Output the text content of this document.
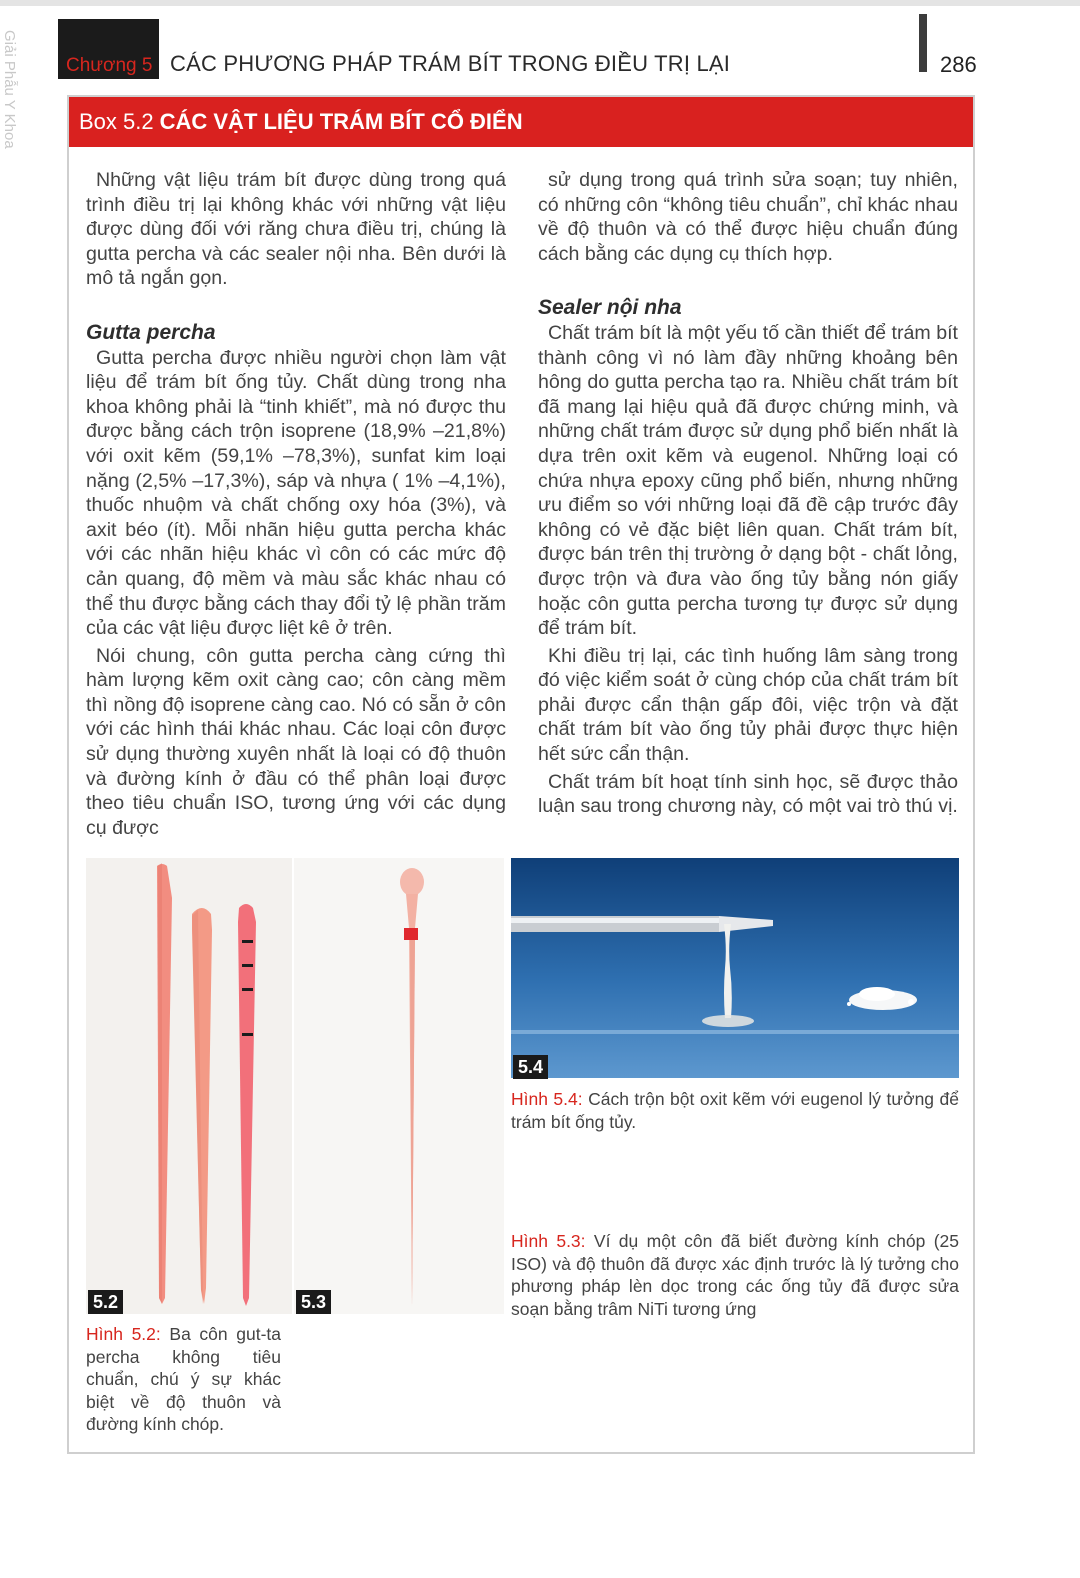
Giải Phẫu Y Khoa	Chương 5 CÁC PHƯƠNG PHÁP TRÁM BÍT TRONG ĐIỀU TRỊ LẠI	286
Box 5.2 CÁC VẬT LIỆU TRÁM BÍT CỔ ĐIỂN

Những vật liệu trám bít được dùng trong quá trình điều trị lại không khác với những vật liệu được dùng đối với răng chưa điều trị, chúng là gutta percha và các sealer nội nha. Bên dưới là mô tả ngắn gọn.

Gutta percha

Gutta percha được nhiều người chọn làm vật liệu để trám bít ống tủy. Chất dùng trong nha khoa không phải là “tinh khiết”, mà nó được thu được bằng cách trộn isoprene (18,9% –21,8%) với oxit kẽm (59,1% –78,3%), sunfat kim loại nặng (2,5% –17,3%), sáp và nhựa ( 1% –4,1%), thuốc nhuộm và chất chống oxy hóa (3%), và axit béo (ít). Mỗi nhãn hiệu gutta percha khác với các nhãn hiệu khác vì côn có các mức độ cản quang, độ mềm và màu sắc khác nhau có thể thu được bằng cách thay đổi tỷ lệ phần trăm của các vật liệu được liệt kê ở trên.

Nói chung, côn gutta percha càng cứng thì hàm lượng kẽm oxit càng cao; côn càng mềm thì nồng độ isoprene càng cao. Nó có sẵn ở côn với các hình thái khác nhau. Các loại côn được sử dụng thường xuyên nhất là loại có độ thuôn và đường kính ở đầu có thể phân loại được theo tiêu chuẩn ISO, tương ứng với các dụng cụ được

sử dụng trong quá trình sửa soạn; tuy nhiên, có những côn “không tiêu chuẩn”, chỉ khác nhau về độ thuôn và có thể được hiệu chuẩn đúng cách bằng các dụng cụ thích hợp.

Sealer nội nha

Chất trám bít là một yếu tố cần thiết để trám bít thành công vì nó làm đầy những khoảng bên hông do gutta percha tạo ra. Nhiều chất trám bít đã mang lại hiệu quả đã được chứng minh, và những chất trám được sử dụng phổ biến nhất là dựa trên oxit kẽm và eugenol. Những loại có chứa nhựa epoxy cũng phổ biến, nhưng những ưu điểm so với những loại đã đề cập trước đây không có vẻ đặc biệt liên quan. Chất trám bít, được bán trên thị trường ở dạng bột - chất lỏng, được trộn và đưa vào ống tủy bằng nón giấy hoặc côn gutta percha tương tự được sử dụng để trám bít.

Khi điều trị lại, các tình huống lâm sàng trong đó việc kiểm soát ở cùng chóp của chất trám bít phải được cẩn thận gấp đôi, việc trộn và đặt chất trám bít vào ống tủy phải được thực hiện hết sức cẩn thận.

Chất trám bít hoạt tính sinh học, sẽ được thảo luận sau trong chương này, có một vai trò thú vị.

5.2	5.3
5.4
Hình 5.4: Cách trộn bột oxit kẽm với eugenol lý tưởng để trám bít ống tủy.
Hình 5.3: Ví dụ một côn đã biết đường kính chóp (25 ISO) và độ thuôn đã được xác định trước là lý tưởng cho phương pháp lèn dọc trong các ống tủy đã được sửa soạn bằng trâm NiTi tương ứng
Hình 5.2: Ba côn gut-ta percha không tiêu chuẩn, chú ý sự khác biệt về độ thuôn và đường kính chóp.
